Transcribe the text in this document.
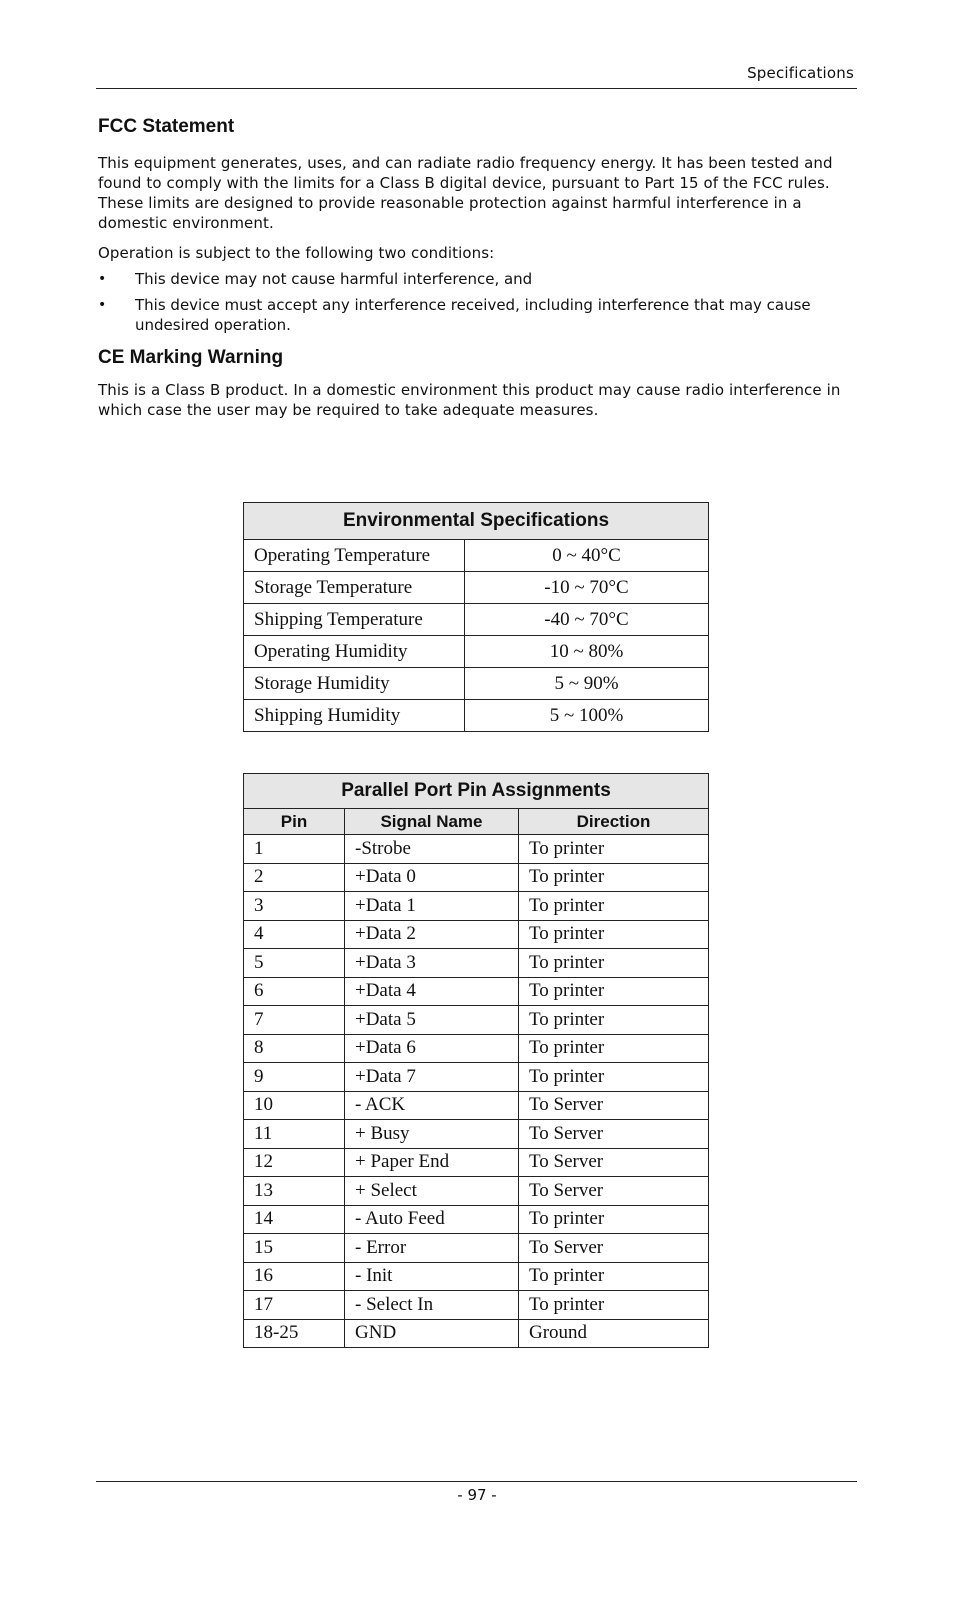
Specifications
FCC Statement

This equipment generates, uses, and can radiate radio frequency energy. It has been tested and found to comply with the limits for a Class B digital device, pursuant to Part 15 of the FCC rules. These limits are designed to provide reasonable protection against harmful interference in a domestic environment.

Operation is subject to the following two conditions:

• This device may not cause harmful interference, and
• This device must accept any interference received, including interference that may cause undesired operation.
CE Marking Warning

This is a Class B product. In a domestic environment this product may cause radio interference in which case the user may be required to take adequate measures.

Environmental Specifications	
Operating Temperature	0 ~ 40°C
Storage Temperature	-10 ~ 70°C
Shipping Temperature	-40 ~ 70°C
Operating Humidity	10 ~ 80%
Storage Humidity	5 ~ 90%
Shipping Humidity	5 ~ 100%
Parallel Port Pin Assignments		
Pin	Signal Name	Direction
1	-Strobe	To printer
2	+Data 0	To printer
3	+Data 1	To printer
4	+Data 2	To printer
5	+Data 3	To printer
6	+Data 4	To printer
7	+Data 5	To printer
8	+Data 6	To printer
9	+Data 7	To printer
10	- ACK	To Server
11	+ Busy	To Server
12	+ Paper End	To Server
13	+ Select	To Server
14	- Auto Feed	To printer
15	- Error	To Server
16	- Init	To printer
17	- Select In	To printer
18-25	GND	Ground
- 97 -
